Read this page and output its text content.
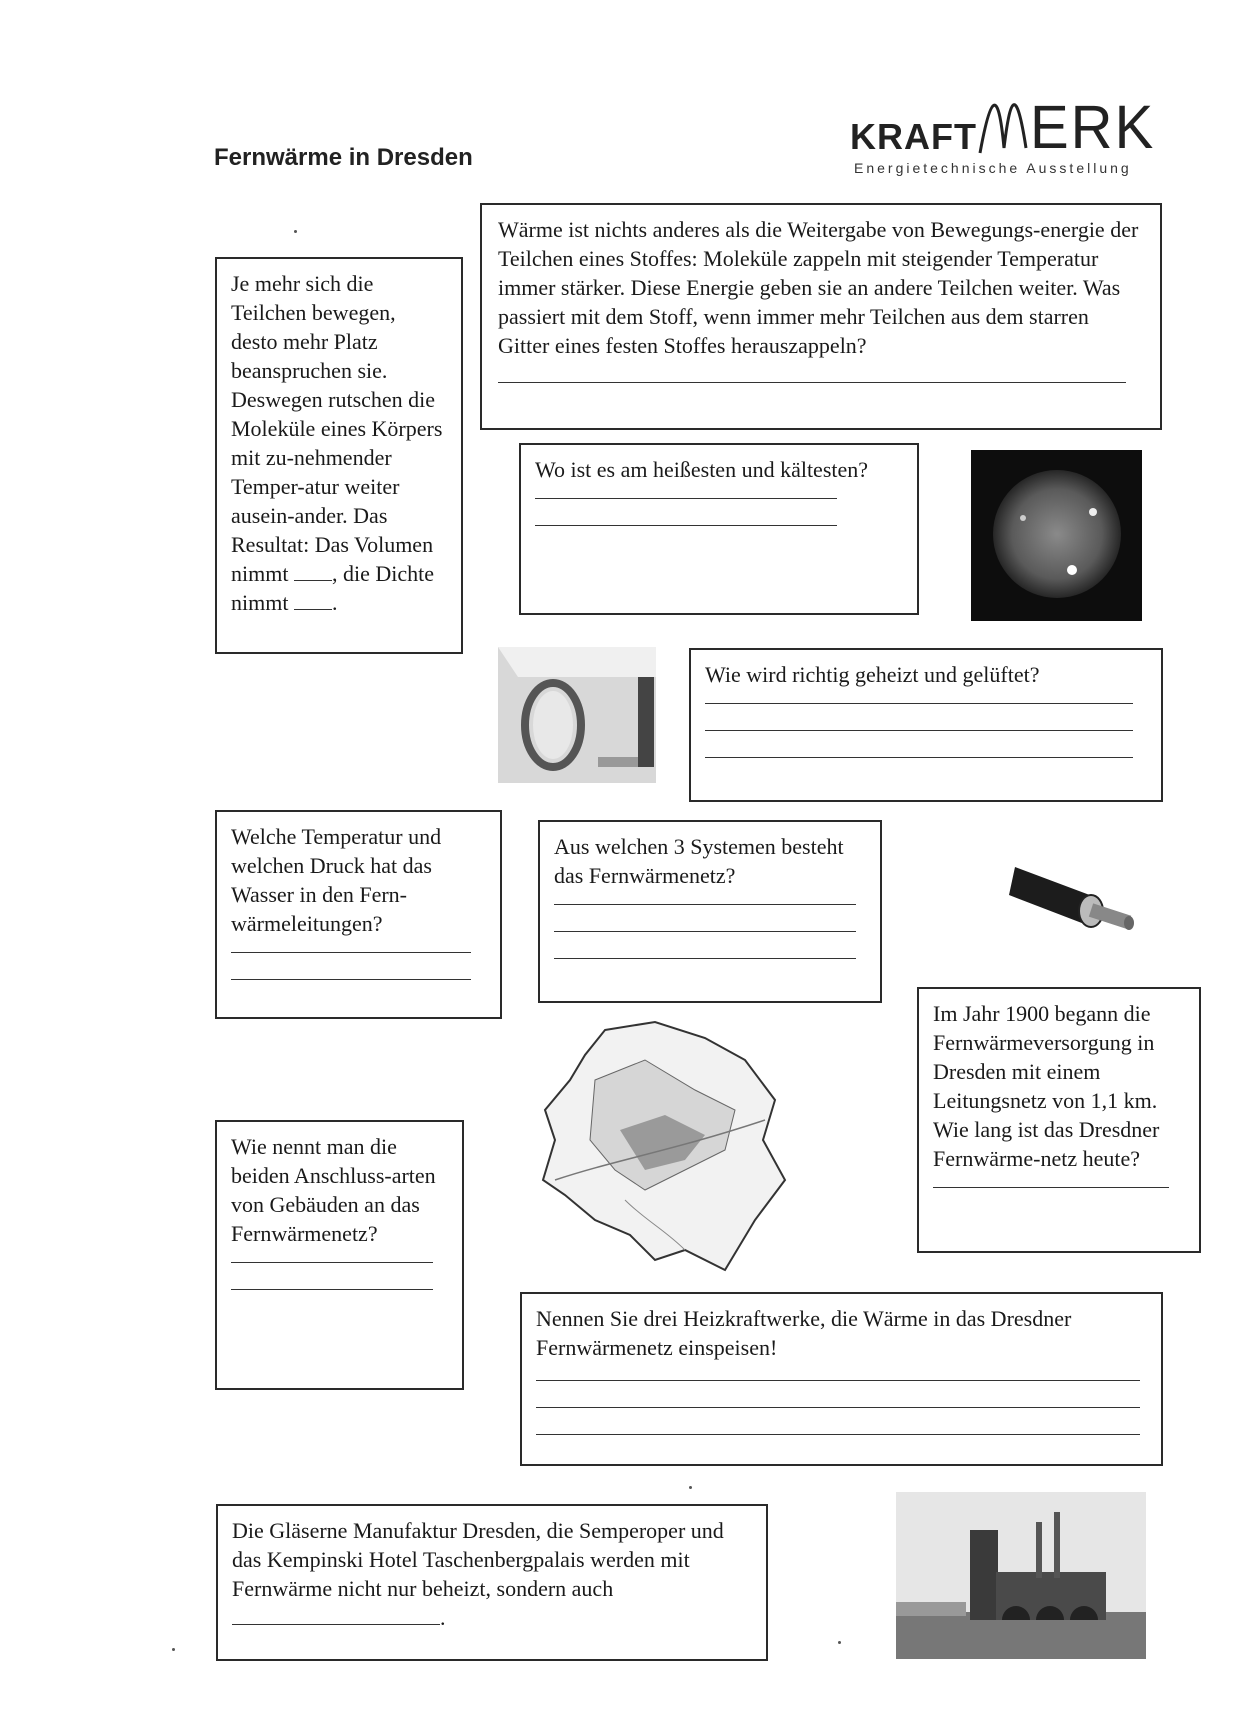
Fernwärme in Dresden
KRAFT ERK
Energietechnische Ausstellung

Wärme ist nichts anderes als die Weitergabe von Bewegungs-energie der Teilchen eines Stoffes: Moleküle zappeln mit steigender Temperatur immer stärker. Diese Energie geben sie an andere Teilchen weiter. Was passiert mit dem Stoff, wenn immer mehr Teilchen aus dem starren Gitter eines festen Stoffes herauszappeln?

Je mehr sich die Teilchen bewegen, desto mehr Platz beanspruchen sie. Deswegen rutschen die Moleküle eines Körpers mit zu-nehmender Temper-atur weiter ausein-ander. Das Resultat: Das Volumen nimmt , die Dichte nimmt .

Wo ist es am heißesten und kältesten?

Wie wird richtig geheizt und gelüftet?

Welche Temperatur und welchen Druck hat das Wasser in den Fern-wärmeleitungen?

Aus welchen 3 Systemen besteht das Fernwärmenetz?

Im Jahr 1900 begann die Fernwärmeversorgung in Dresden mit einem Leitungsnetz von 1,1 km. Wie lang ist das Dresdner Fernwärme-netz heute?

Wie nennt man die beiden Anschluss-arten von Gebäuden an das Fernwärmenetz?

Nennen Sie drei Heizkraftwerke, die Wärme in das Dresdner Fernwärmenetz einspeisen!

Die Gläserne Manufaktur Dresden, die Semperoper und das Kempinski Hotel Taschenbergpalais werden mit Fernwärme nicht nur beheizt, sondern auch .
